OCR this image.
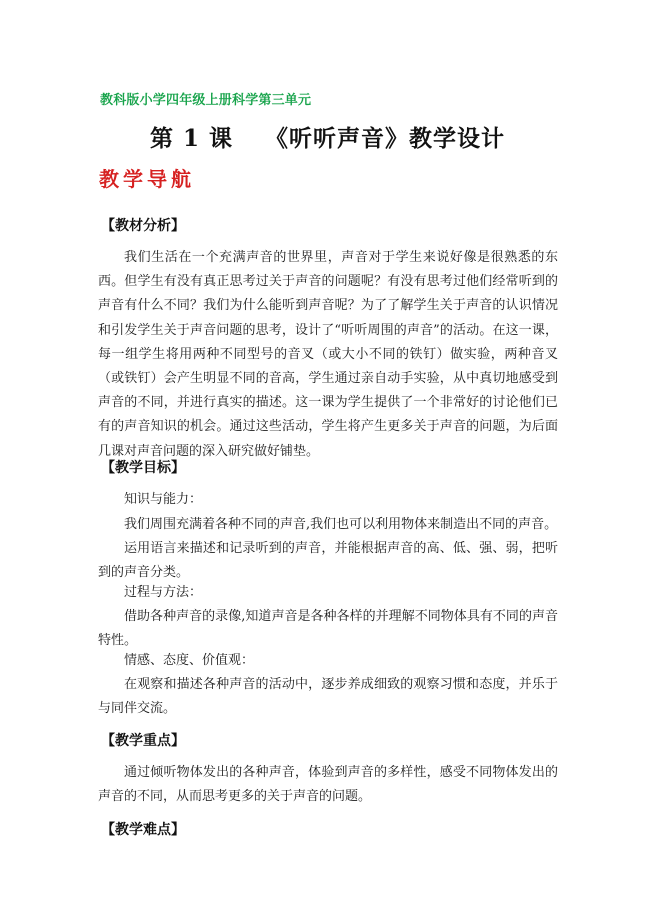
教科版小学四年级上册科学第三单元
第 1 课 《听听声音》教学设计
教学导航
【教材分析】
我们生活在一个充满声音的世界里，声音对于学生来说好像是很熟悉的东西。但学生有没有真正思考过关于声音的问题呢？有没有思考过他们经常听到的声音有什么不同？我们为什么能听到声音呢？为了了解学生关于声音的认识情况和引发学生关于声音问题的思考，设计了“听听周围的声音”的活动。在这一课，每一组学生将用两种不同型号的音叉（或大小不同的铁钉）做实验，两种音叉（或铁钉）会产生明显不同的音高，学生通过亲自动手实验，从中真切地感受到声音的不同，并进行真实的描述。这一课为学生提供了一个非常好的讨论他们已有的声音知识的机会。通过这些活动，学生将产生更多关于声音的问题，为后面几课对声音问题的深入研究做好铺垫。
【教学目标】
知识与能力：
我们周围充满着各种不同的声音,我们也可以利用物体来制造出不同的声音。
运用语言来描述和记录听到的声音，并能根据声音的高、低、强、弱，把听到的声音分类。
过程与方法：
借助各种声音的录像,知道声音是各种各样的并理解不同物体具有不同的声音特性。
情感、态度、价值观：
在观察和描述各种声音的活动中，逐步养成细致的观察习惯和态度，并乐于与同伴交流。
【教学重点】
通过倾听物体发出的各种声音，体验到声音的多样性，感受不同物体发出的声音的不同，从而思考更多的关于声音的问题。
【教学难点】
